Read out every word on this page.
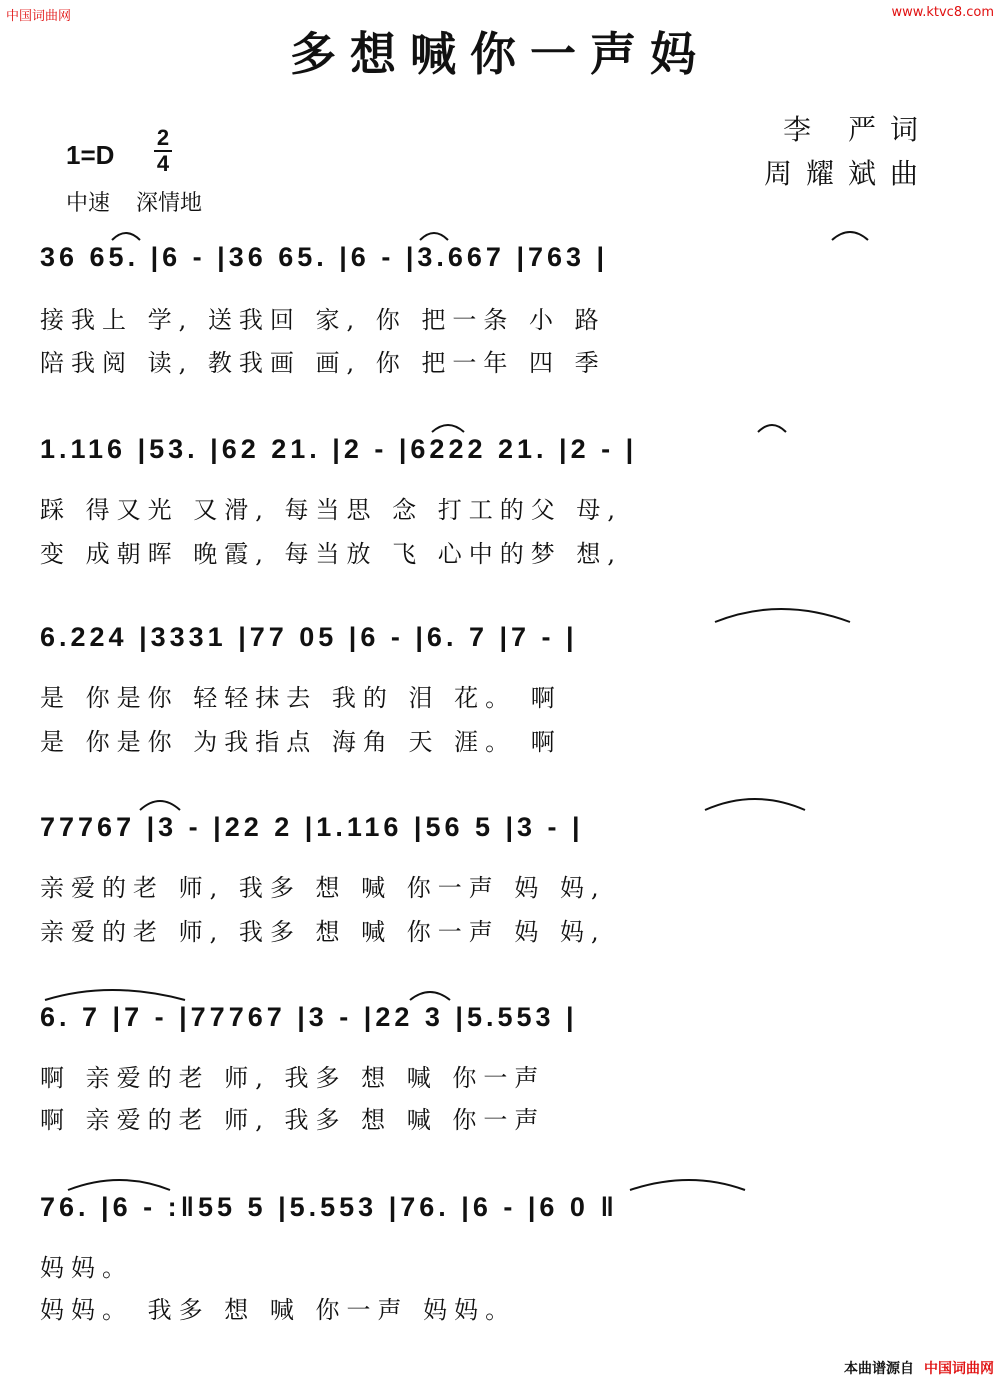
中国词曲网	www.ktvc8.com
多想喊你一声妈
李 严词
周耀斌曲
1=D
2
4
中速 深情地
36 65. |6 - |36 65. |6 - |3.667 |763 |
接我上 学, 送我回 家, 你 把一条 小 路
陪我阅 读, 教我画 画, 你 把一年 四 季
1.116 |53. |62 21. |2 - |6222 21. |2 - |
踩 得又光 又滑, 每当思 念 打工的父 母,
变 成朝晖 晚霞, 每当放 飞 心中的梦 想,
6.224 |3331 |77 05 |6 - |6. 7 |7 - |
是 你是你 轻轻抹去 我的 泪 花。 啊
是 你是你 为我指点 海角 天 涯。 啊
77767 |3 - |22 2 |1.116 |56 5 |3 - |
亲爱的老 师, 我多 想 喊 你一声 妈 妈,
亲爱的老 师, 我多 想 喊 你一声 妈 妈,
6. 7 |7 - |77767 |3 - |22 3 |5.553 |
啊 亲爱的老 师, 我多 想 喊 你一声
啊 亲爱的老 师, 我多 想 喊 你一声
76. |6 - :‖55 5 |5.553 |76. |6 - |6 0 ‖
妈妈。
妈妈。 我多 想 喊 你一声 妈妈。
本曲谱源自 中国词曲网
